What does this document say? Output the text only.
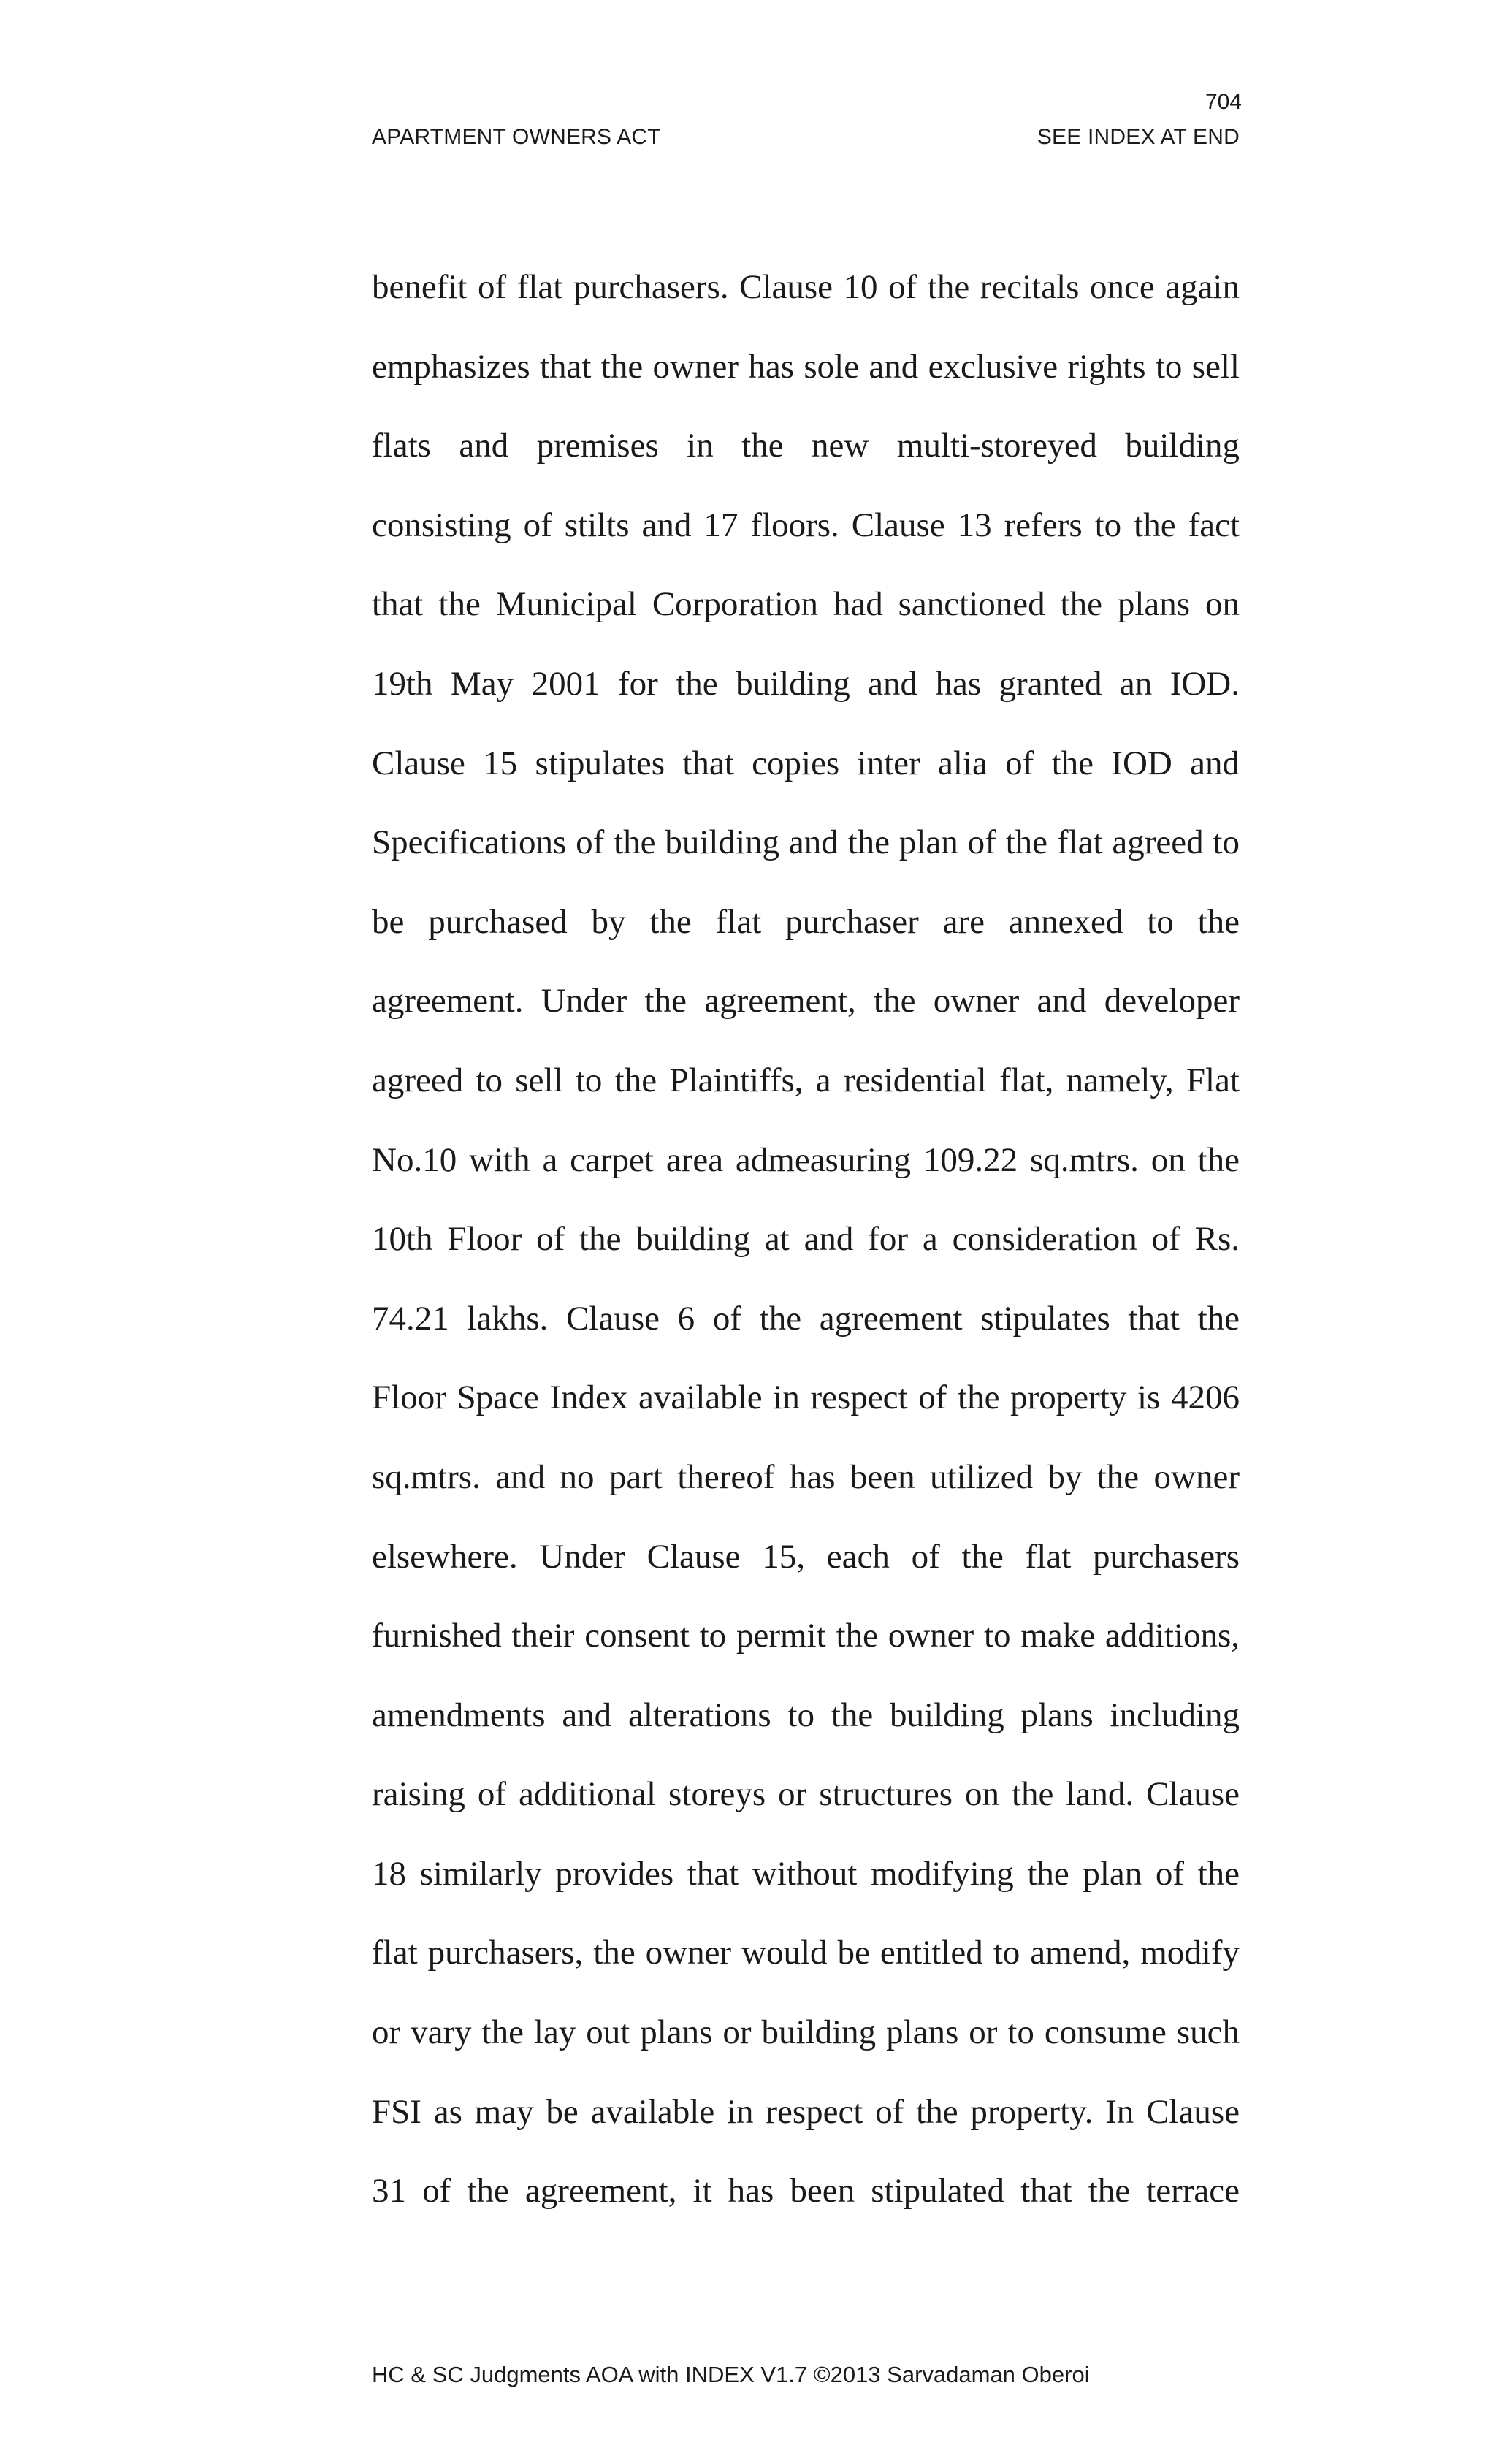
704
APARTMENT OWNERS ACT	SEE INDEX AT END
benefit of flat purchasers. Clause 10 of the recitals once again
emphasizes that the owner has sole and exclusive rights to sell
flats and premises in the new multi-storeyed building
consisting of stilts and 17 floors. Clause 13 refers to the fact
that the Municipal Corporation had sanctioned the plans on
19th May 2001 for the building and has granted an IOD.
Clause 15 stipulates that copies inter alia of the IOD and
Specifications of the building and the plan of the flat agreed to
be purchased by the flat purchaser are annexed to the
agreement. Under the agreement, the owner and developer
agreed to sell to the Plaintiffs, a residential flat, namely, Flat
No.10 with a carpet area admeasuring 109.22 sq.mtrs. on the
10th Floor of the building at and for a consideration of Rs.
74.21 lakhs. Clause 6 of the agreement stipulates that the
Floor Space Index available in respect of the property is 4206
sq.mtrs. and no part thereof has been utilized by the owner
elsewhere. Under Clause 15, each of the flat purchasers
furnished their consent to permit the owner to make additions,
amendments and alterations to the building plans including
raising of additional storeys or structures on the land. Clause
18 similarly provides that without modifying the plan of the
flat purchasers, the owner would be entitled to amend, modify
or vary the lay out plans or building plans or to consume such
FSI as may be available in respect of the property. In Clause
31 of the agreement, it has been stipulated that the terrace
HC & SC Judgments AOA with INDEX V1.7 ©2013 Sarvadaman Oberoi
